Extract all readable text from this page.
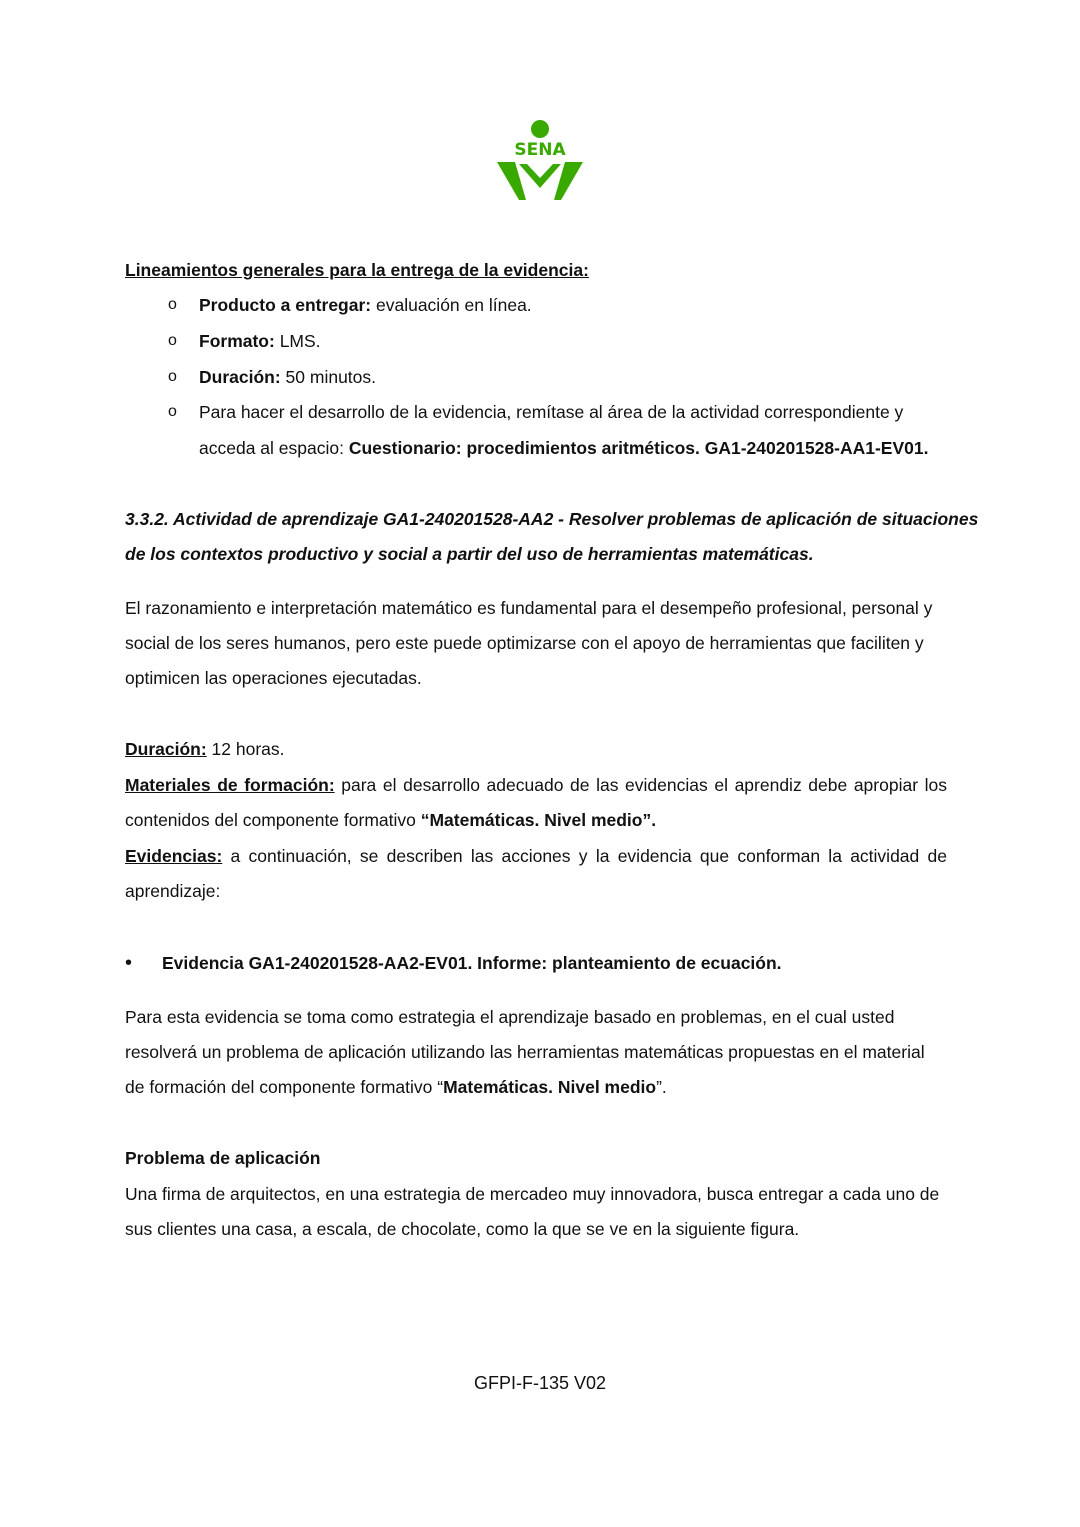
SENA
Lineamientos generales para la entrega de la evidencia:
o Producto a entregar: evaluación en línea.
o Formato: LMS.
o Duración: 50 minutos.
o Para hacer el desarrollo de la evidencia, remítase al área de la actividad correspondiente y
acceda al espacio: Cuestionario: procedimientos aritméticos. GA1-240201528-AA1-EV01.
3.3.2. Actividad de aprendizaje GA1-240201528-AA2 - Resolver problemas de aplicación de situaciones
de los contextos productivo y social a partir del uso de herramientas matemáticas.
El razonamiento e interpretación matemático es fundamental para el desempeño profesional, personal y
social de los seres humanos, pero este puede optimizarse con el apoyo de herramientas que faciliten y
optimicen las operaciones ejecutadas.
Duración: 12 horas.
Materiales de formación: para el desarrollo adecuado de las evidencias el aprendiz debe apropiar los
contenidos del componente formativo “Matemáticas. Nivel medio”.
Evidencias: a continuación, se describen las acciones y la evidencia que conforman la actividad de
aprendizaje:
• Evidencia GA1-240201528-AA2-EV01. Informe: planteamiento de ecuación.
Para esta evidencia se toma como estrategia el aprendizaje basado en problemas, en el cual usted
resolverá un problema de aplicación utilizando las herramientas matemáticas propuestas en el material
de formación del componente formativo “Matemáticas. Nivel medio”.
Problema de aplicación
Una firma de arquitectos, en una estrategia de mercadeo muy innovadora, busca entregar a cada uno de
sus clientes una casa, a escala, de chocolate, como la que se ve en la siguiente figura.
GFPI-F-135 V02
